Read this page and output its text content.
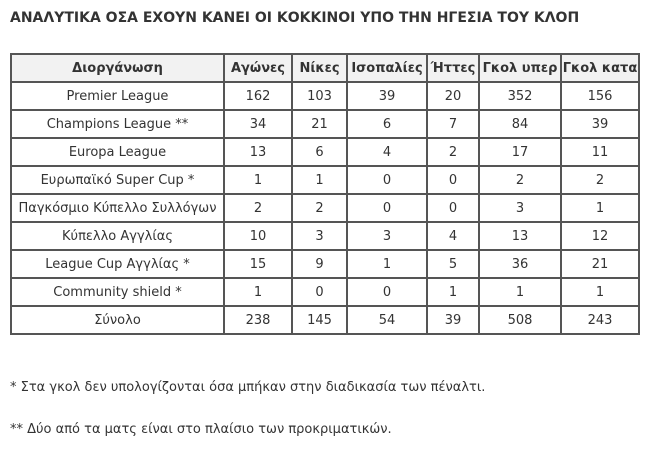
ΑΝΑΛΥΤΙΚΑ ΟΣΑ ΕΧΟΥΝ ΚΑΝΕΙ ΟΙ ΚΟΚΚΙΝΟΙ ΥΠΟ ΤΗΝ ΗΓΕΣΙΑ ΤΟΥ ΚΛΟΠ
Διοργάνωση	Αγώνες	Νίκες	Ισοπαλίες	Ήττες	Γκολ υπερ	Γκολ κατα
Premier League	162	103	39	20	352	156
Champions League **	34	21	6	7	84	39
Europa League	13	6	4	2	17	11
Ευρωπαϊκό Super Cup *	1	1	0	0	2	2
Παγκόσμιο Κύπελλο Συλλόγων	2	2	0	0	3	1
Κύπελλο Αγγλίας	10	3	3	4	13	12
League Cup Αγγλίας *	15	9	1	5	36	21
Community shield *	1	0	0	1	1	1
Σύνολο	238	145	54	39	508	243
* Στα γκολ δεν υπολογίζονται όσα μπήκαν στην διαδικασία των πέναλτι.
** Δύο από τα ματς είναι στο πλαίσιο των προκριματικών.
